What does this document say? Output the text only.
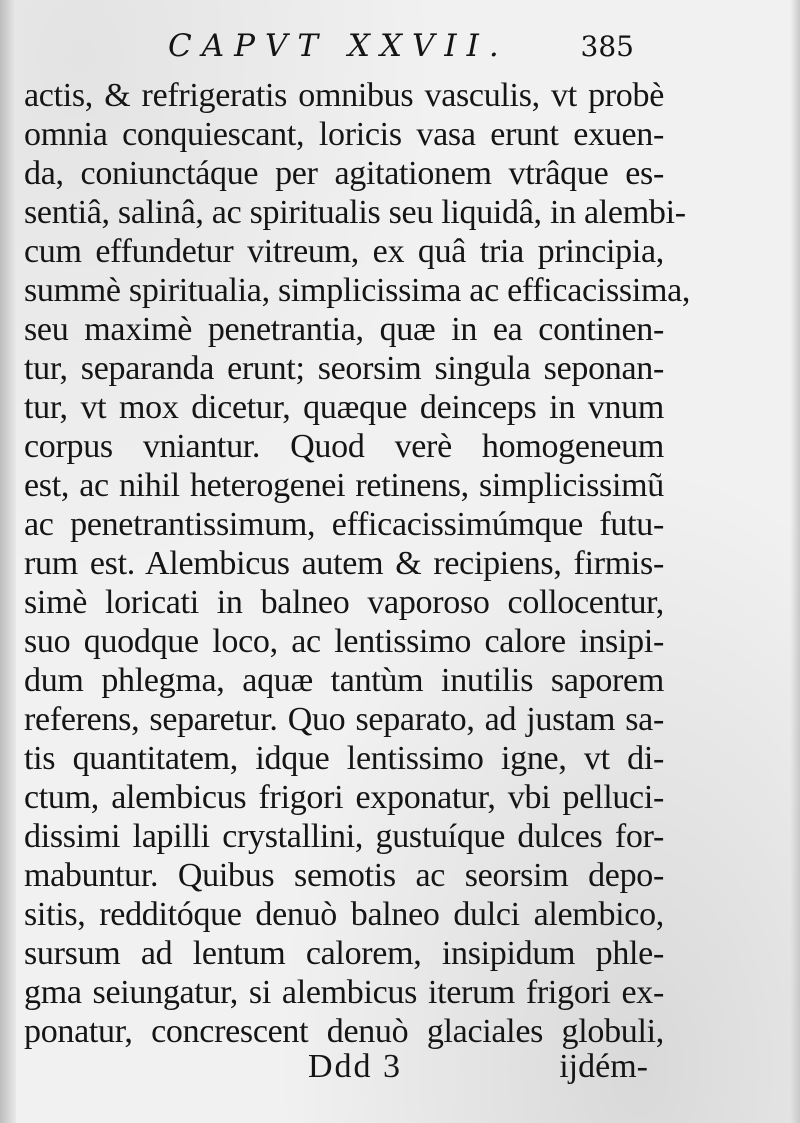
CAPVT XXVII.	385
actis, & refrigeratis omnibus vasculis, vt probè
omnia conquiescant, loricis vasa erunt exuen-
da, coniunctáque per agitationem vtrâque es-
sentiâ, salinâ, ac spiritualis seu liquidâ, in alembi-
cum effundetur vitreum, ex quâ tria principia,
summè spiritualia, simplicissima ac efficacissima,
seu maximè penetrantia, quæ in ea continen-
tur, separanda erunt; seorsim singula seponan-
tur, vt mox dicetur, quæque deinceps in vnum
corpus vniantur. Quod verè homogeneum
est, ac nihil heterogenei retinens, simplicissimũ
ac penetrantissimum, efficacissimúmque futu-
rum est. Alembicus autem & recipiens, firmis-
simè loricati in balneo vaporoso collocentur,
suo quodque loco, ac lentissimo calore insipi-
dum phlegma, aquæ tantùm inutilis saporem
referens, separetur. Quo separato, ad justam sa-
tis quantitatem, idque lentissimo igne, vt di-
ctum, alembicus frigori exponatur, vbi pelluci-
dissimi lapilli crystallini, gustuíque dulces for-
mabuntur. Quibus semotis ac seorsim depo-
sitis, redditóque denuò balneo dulci alembico,
sursum ad lentum calorem, insipidum phle-
gma seiungatur, si alembicus iterum frigori ex-
ponatur, concrescent denuò glaciales globuli,
Ddd 3	ijdém-
